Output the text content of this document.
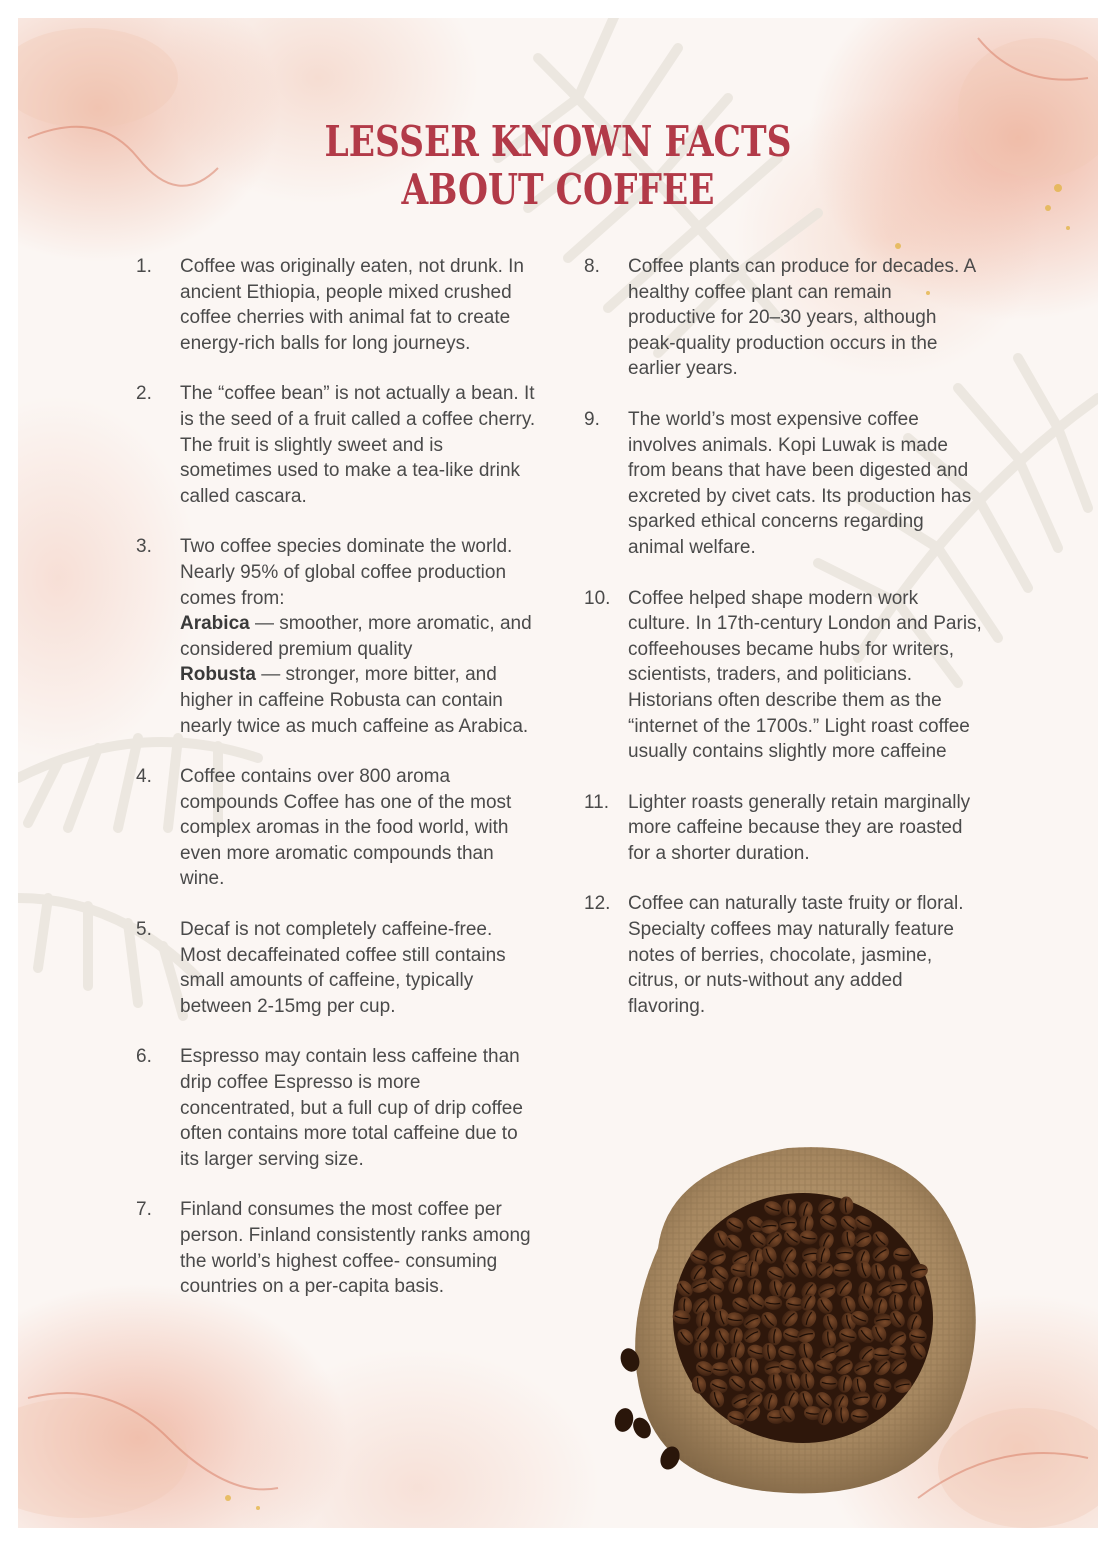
LESSER KNOWN FACTS
ABOUT COFFEE
1. Coffee was originally eaten, not drunk. In ancient Ethiopia, people mixed crushed coffee cherries with animal fat to create energy-rich balls for long journeys.
2. The “coffee bean” is not actually a bean. It is the seed of a fruit called a coffee cherry. The fruit is slightly sweet and is sometimes used to make a tea-like drink called cascara.
3. Two coffee species dominate the world. Nearly 95% of global coffee production comes from:
Arabica — smoother, more aromatic, and considered premium quality
Robusta — stronger, more bitter, and higher in caffeine Robusta can contain nearly twice as much caffeine as Arabica.
4. Coffee contains over 800 aroma compounds Coffee has one of the most complex aromas in the food world, with even more aromatic compounds than wine.
5. Decaf is not completely caffeine-free. Most decaffeinated coffee still contains small amounts of caffeine, typically between 2-15mg per cup.
6. Espresso may contain less caffeine than drip coffee Espresso is more concentrated, but a full cup of drip coffee often contains more total caffeine due to its larger serving size.
7. Finland consumes the most coffee per person. Finland consistently ranks among the world’s highest coffee- consuming countries on a per-capita basis.
8. Coffee plants can produce for decades. A healthy coffee plant can remain productive for 20–30 years, although peak-quality production occurs in the earlier years.
9. The world’s most expensive coffee involves animals. Kopi Luwak is made from beans that have been digested and excreted by civet cats. Its production has sparked ethical concerns regarding animal welfare.
10. Coffee helped shape modern work culture. In 17th-century London and Paris, coffeehouses became hubs for writers, scientists, traders, and politicians. Historians often describe them as the “internet of the 1700s.” Light roast coffee usually contains slightly more caffeine
11. Lighter roasts generally retain marginally more caffeine because they are roasted for a shorter duration.
12. Coffee can naturally taste fruity or floral. Specialty coffees may naturally feature notes of berries, chocolate, jasmine, citrus, or nuts-without any added flavoring.
